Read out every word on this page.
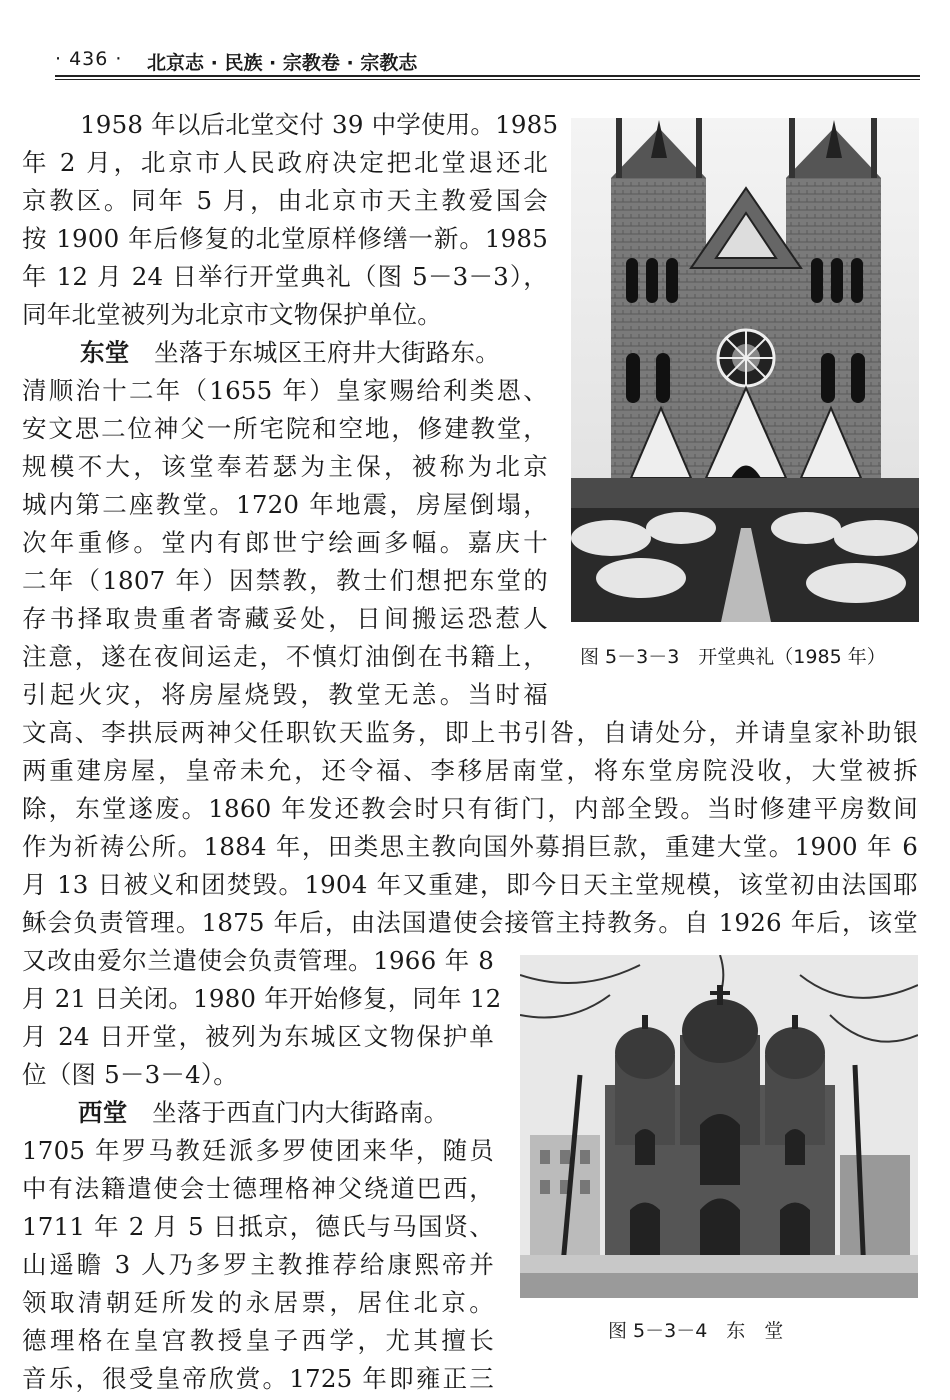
· 436 · 北京志 · 民族 · 宗教卷 · 宗教志
1958 年以后北堂交付 39 中学使用。1985
年 2 月，北京市人民政府决定把北堂退还北
京教区。同年 5 月，由北京市天主教爱国会
按 1900 年后修复的北堂原样修缮一新。1985
年 12 月 24 日举行开堂典礼（图 5－3－3），
同年北堂被列为北京市文物保护单位。
东堂  坐落于东城区王府井大街路东。
清顺治十二年（1655 年）皇家赐给利类恩、
安文思二位神父一所宅院和空地，修建教堂，
规模不大，该堂奉若瑟为主保，被称为北京
城内第二座教堂。1720 年地震，房屋倒塌，
次年重修。堂内有郎世宁绘画多幅。嘉庆十
二年（1807 年）因禁教，教士们想把东堂的
存书择取贵重者寄藏妥处，日间搬运恐惹人
注意，遂在夜间运走，不慎灯油倒在书籍上，
引起火灾，将房屋烧毁，教堂无恙。当时福
文高、李拱辰两神父任职钦天监务，即上书引咎，自请处分，并请皇家补助银
两重建房屋，皇帝未允，还令福、李移居南堂，将东堂房院没收，大堂被拆
除，东堂遂废。1860 年发还教会时只有街门，内部全毁。当时修建平房数间
作为祈祷公所。1884 年，田类思主教向国外募捐巨款，重建大堂。1900 年 6
月 13 日被义和团焚毁。1904 年又重建，即今日天主堂规模，该堂初由法国耶
稣会负责管理。1875 年后，由法国遣使会接管主持教务。自 1926 年后，该堂
又改由爱尔兰遣使会负责管理。1966 年 8
月 21 日关闭。1980 年开始修复，同年 12
月 24 日开堂，被列为东城区文物保护单
位（图 5－3－4）。
西堂  坐落于西直门内大街路南。
1705 年罗马教廷派多罗使团来华，随员
中有法籍遣使会士德理格神父绕道巴西，
1711 年 2 月 5 日抵京，德氏与马国贤、
山遥瞻 3 人乃多罗主教推荐给康熙帝并
领取清朝廷所发的永居票，居住北京。
德理格在皇宫教授皇子西学，尤其擅长
音乐，很受皇帝欣赏。1725 年即雍正三
图 5－3－3　开堂典礼（1985 年）
图 5－3－4　东　堂
